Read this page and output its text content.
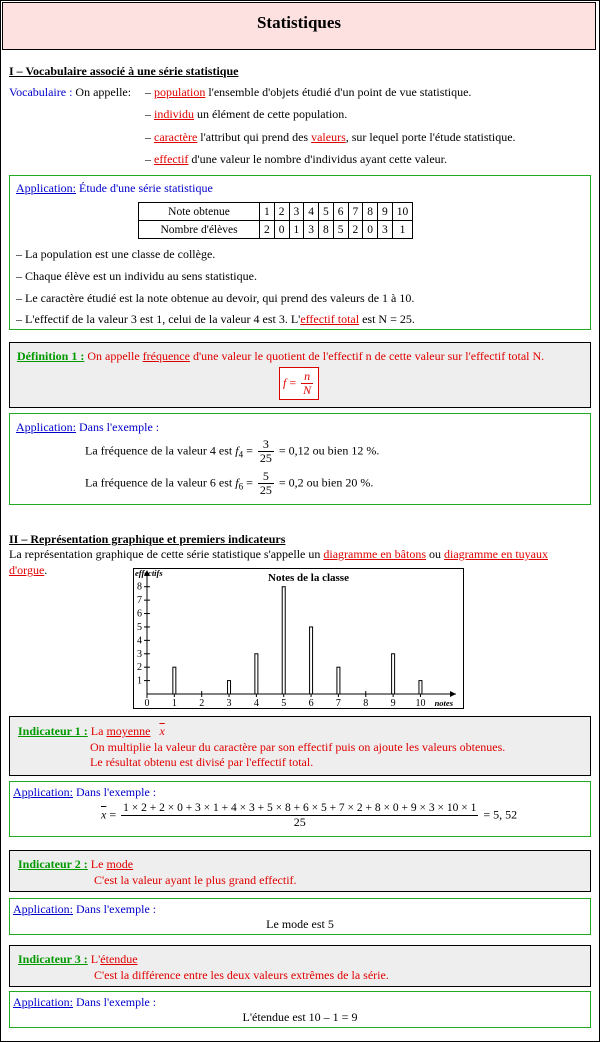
Statistiques
I – Vocabulaire associé à une série statistique
Vocabulaire : On appelle: – population l'ensemble d'objets étudié d'un point de vue statistique.
– individu un élément de cette population.
– caractère l'attribut qui prend des valeurs, sur lequel porte l'étude statistique.
– effectif d'une valeur le nombre d'individus ayant cette valeur.
Application: Étude d'une série statistique
Note obtenue	1	2	3	4	5	6	7	8	9	10
Nombre d'élèves	2	0	1	3	8	5	2	0	3	1
– La population est une classe de collège.
– Chaque élève est un individu au sens statistique.
– Le caractère étudié est la note obtenue au devoir, qui prend des valeurs de 1 à 10.
– L'effectif de la valeur 3 est 1, celui de la valeur 4 est 3. L'effectif total est N = 25.
Définition 1 : On appelle fréquence d'une valeur le quotient de l'effectif n de cette valeur sur l'effectif total N.
$f = \frac{n}{N}$
Application: Dans l'exemple :
La fréquence de la valeur 4 est $f_4 = \frac{3}{25} = 0,12$ ou bien 12 %.
La fréquence de la valeur 6 est $f_6 = \frac{5}{25} = 0,2$ ou bien 20 %.
II – Représentation graphique et premiers indicateurs
La représentation graphique de cette série statistique s'appelle un diagramme en bâtons ou diagramme en tuyaux
d'orgue.
1
2
3
4
5
6
7
8
0 1 2 3 4 5 6 7 8 9 10
Notes de la classe
effectifs
notes
Indicateur 1 : La moyenne $\overline{x}$
On multiplie la valeur du caractère par son effectif puis on ajoute les valeurs obtenues.
Le résultat obtenu est divisé par l'effectif total.
Application: Dans l'exemple :
$\overline{x} = 1 \times 2 + 2 \times 0 + 3 \times 1 + 4 \times 3 + 5 \times 8 + 6 \times 5 + 7 \times 2 + 8 \times 0 + 9 \times 3 \times 10 \times 1$
25
= 5, 52
Indicateur 2 : Le mode
C'est la valeur ayant le plus grand effectif.
Application: Dans l'exemple :
Le mode est 5
Indicateur 3 : L'étendue
C'est la différence entre les deux valeurs extrêmes de la série.
Application: Dans l'exemple :
L'étendue est 10 – 1 = 9
